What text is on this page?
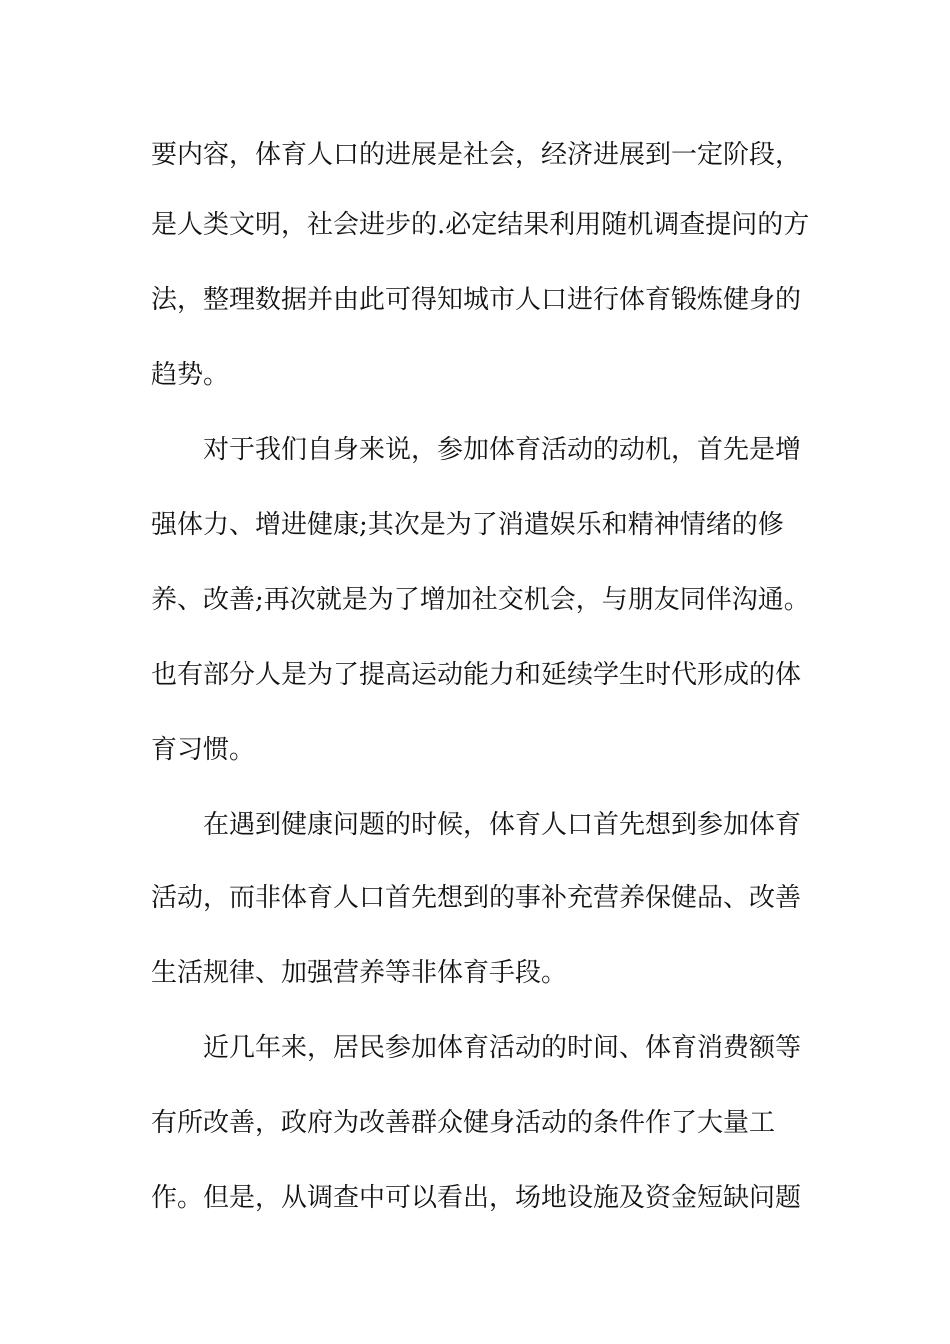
要内容，体育人口的进展是社会，经济进展到一定阶段，
是人类文明，社会进步的.必定结果利用随机调查提问的方
法，整理数据并由此可得知城市人口进行体育锻炼健身的
趋势。
对于我们自身来说，参加体育活动的动机，首先是增
强体力、增进健康;其次是为了消遣娱乐和精神情绪的修
养、改善;再次就是为了增加社交机会，与朋友同伴沟通。
也有部分人是为了提高运动能力和延续学生时代形成的体
育习惯。
在遇到健康问题的时候，体育人口首先想到参加体育
活动，而非体育人口首先想到的事补充营养保健品、改善
生活规律、加强营养等非体育手段。
近几年来，居民参加体育活动的时间、体育消费额等
有所改善，政府为改善群众健身活动的条件作了大量工
作。但是，从调查中可以看出，场地设施及资金短缺问题
